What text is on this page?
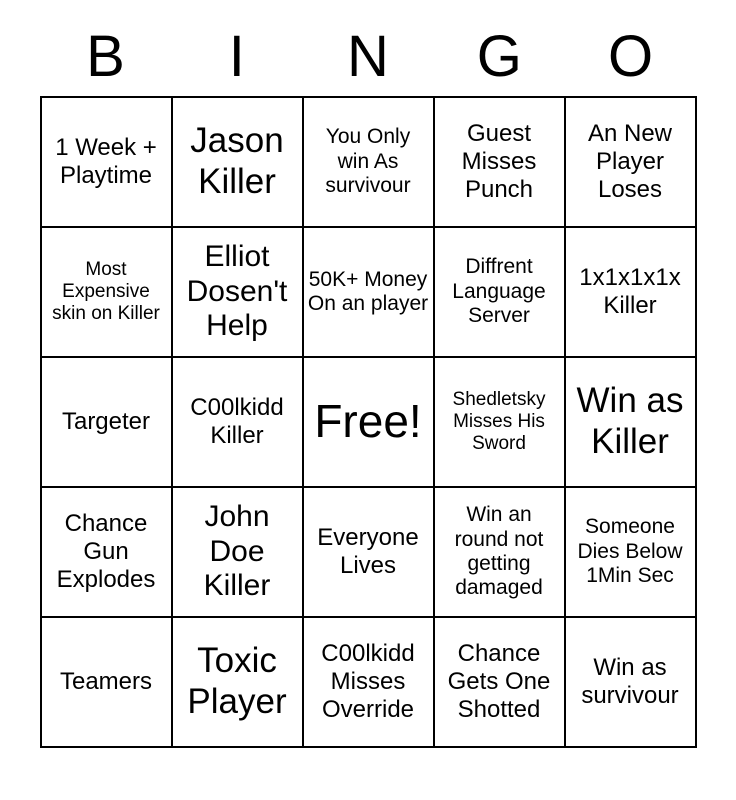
B	I	N	G	O
1 Week + Playtime	Jason Killer	You Only win As survivour	Guest Misses Punch	An New Player Loses
Most Expensive skin on Killer	Elliot Dosen't Help	50K+ Money On an player	Diffrent Language Server	1x1x1x1x Killer
Targeter	C00lkidd Killer	Free!	Shedletsky Misses His Sword	Win as Killer
Chance Gun Explodes	John Doe Killer	Everyone Lives	Win an round not getting damaged	Someone Dies Below 1Min Sec
Teamers	Toxic Player	C00lkidd Misses Override	Chance Gets One Shotted	Win as survivour
